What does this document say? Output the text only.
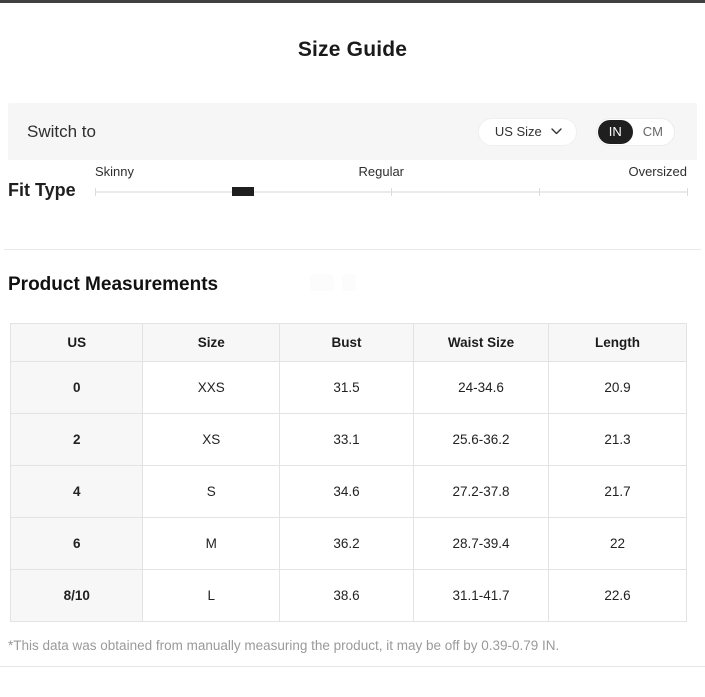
Size Guide
Switch to	US Size	IN	CM
Fit Type
Skinny	Regular	Oversized
Product Measurements
US	Size	Bust	Waist Size	Length
0	XXS	31.5	24-34.6	20.9
2	XS	33.1	25.6-36.2	21.3
4	S	34.6	27.2-37.8	21.7
6	M	36.2	28.7-39.4	22
8/10	L	38.6	31.1-41.7	22.6

*This data was obtained from manually measuring the product, it may be off by 0.39-0.79 IN.
